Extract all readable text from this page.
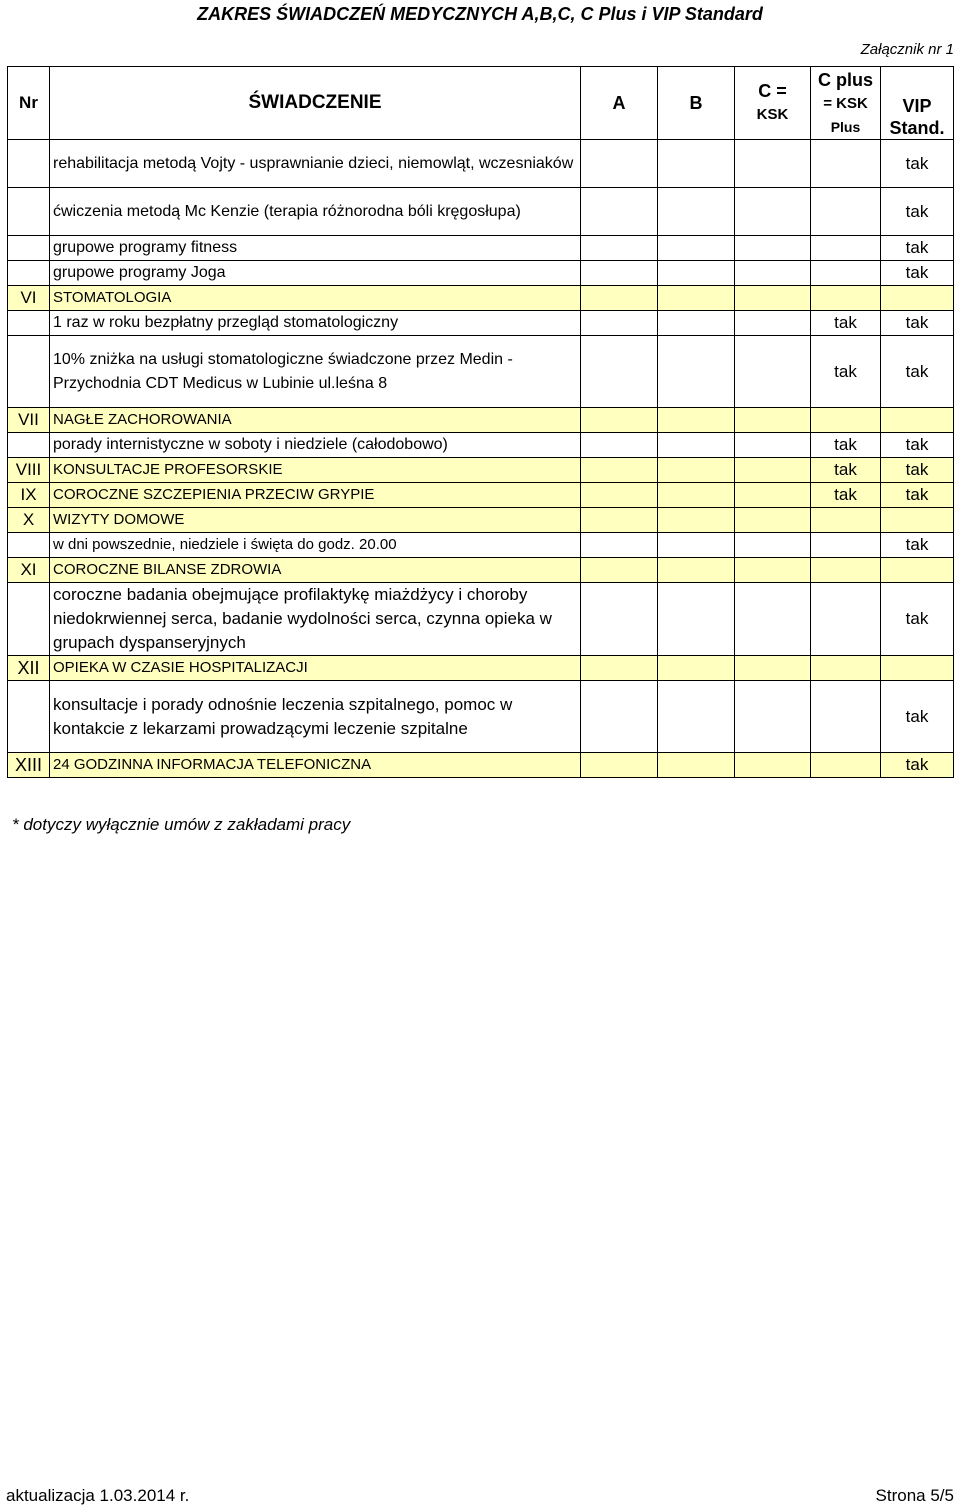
ZAKRES ŚWIADCZEŃ MEDYCZNYCH A,B,C, C Plus i VIP Standard
Załącznik nr 1
Nr	ŚWIADCZENIE	A	B	C =
KSK	C plus
= KSK
Plus	VIP
Stand.
	rehabilitacja metodą Vojty - usprawnianie dzieci, niemowląt, wczesniaków					tak
	ćwiczenia metodą Mc Kenzie (terapia różnorodna bóli kręgosłupa)					tak
	grupowe programy fitness					tak
	grupowe programy Joga					tak
VI	STOMATOLOGIA					
	1 raz w roku bezpłatny przegląd stomatologiczny				tak	tak
	10% zniżka na usługi stomatologiczne świadczone przez Medin - Przychodnia CDT Medicus w Lubinie ul.leśna 8				tak	tak
VII	NAGŁE ZACHOROWANIA					
	porady internistyczne w soboty i niedziele (całodobowo)				tak	tak
VIII	KONSULTACJE PROFESORSKIE				tak	tak
IX	COROCZNE SZCZEPIENIA PRZECIW GRYPIE				tak	tak
X	WIZYTY DOMOWE					
	w dni powszednie, niedziele i święta do godz. 20.00					tak
XI	COROCZNE BILANSE ZDROWIA					
	coroczne badania obejmujące profilaktykę miażdżycy i choroby niedokrwiennej serca, badanie wydolności serca, czynna opieka w grupach dyspanseryjnych					tak
XII	OPIEKA W CZASIE HOSPITALIZACJI					
	konsultacje i porady odnośnie leczenia szpitalnego, pomoc w kontakcie z lekarzami prowadzącymi leczenie szpitalne					tak
XIII	24 GODZINNA INFORMACJA TELEFONICZNA					tak
* dotyczy wyłącznie umów z zakładami pracy
aktualizacja 1.03.2014 r.	Strona 5/5
